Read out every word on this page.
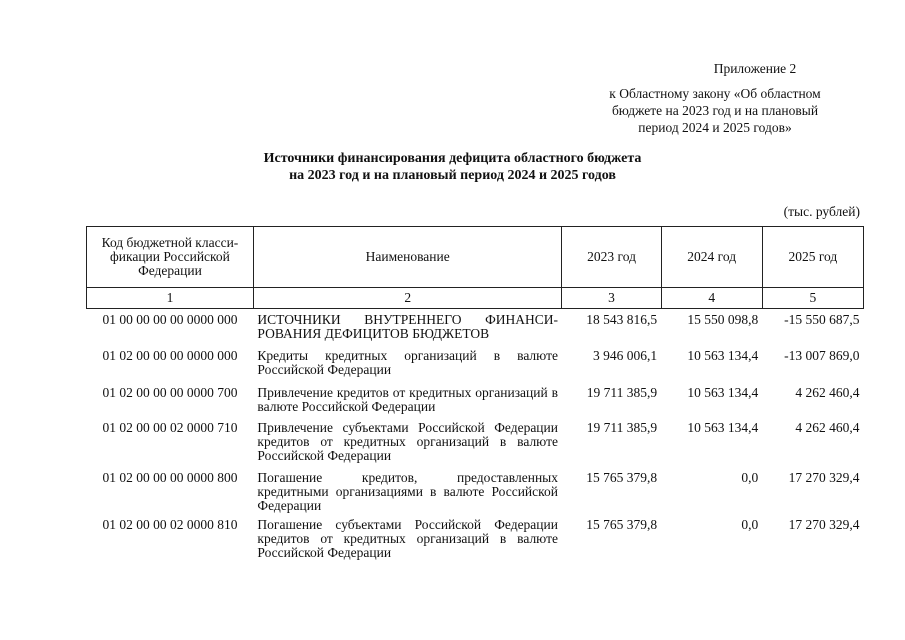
Приложение 2
к Областному закону «Об областном
бюджете на 2023 год и на плановый
период 2024 и 2025 годов»
Источники финансирования дефицита областного бюджета
на 2023 год и на плановый период 2024 и 2025 годов
(тыс. рублей)
Код бюджетной класси-
фикации Российской
Федерации	Наименование	2023 год	2024 год	2025 год
1	2	3	4	5
01 00 00 00 00 0000 000	ИСТОЧНИКИ ВНУТРЕННЕГО ФИНАНСИ-РОВАНИЯ ДЕФИЦИТОВ БЮДЖЕТОВ	18 543 816,5	15 550 098,8	-15 550 687,5
01 02 00 00 00 0000 000	Кредиты кредитных организаций в валюте Российской Федерации	3 946 006,1	10 563 134,4	-13 007 869,0
01 02 00 00 00 0000 700	Привлечение кредитов от кредитных организаций в валюте Российской Федерации	19 711 385,9	10 563 134,4	4 262 460,4
01 02 00 00 02 0000 710	Привлечение субъектами Российской Федерации кредитов от кредитных организаций в валюте Российской Федерации	19 711 385,9	10 563 134,4	4 262 460,4
01 02 00 00 00 0000 800	Погашение кредитов, предоставленных кредитными организациями в валюте Российской Федерации	15 765 379,8	0,0	17 270 329,4
01 02 00 00 02 0000 810	Погашение субъектами Российской Федерации кредитов от кредитных организаций в валюте Российской Федерации	15 765 379,8	0,0	17 270 329,4
